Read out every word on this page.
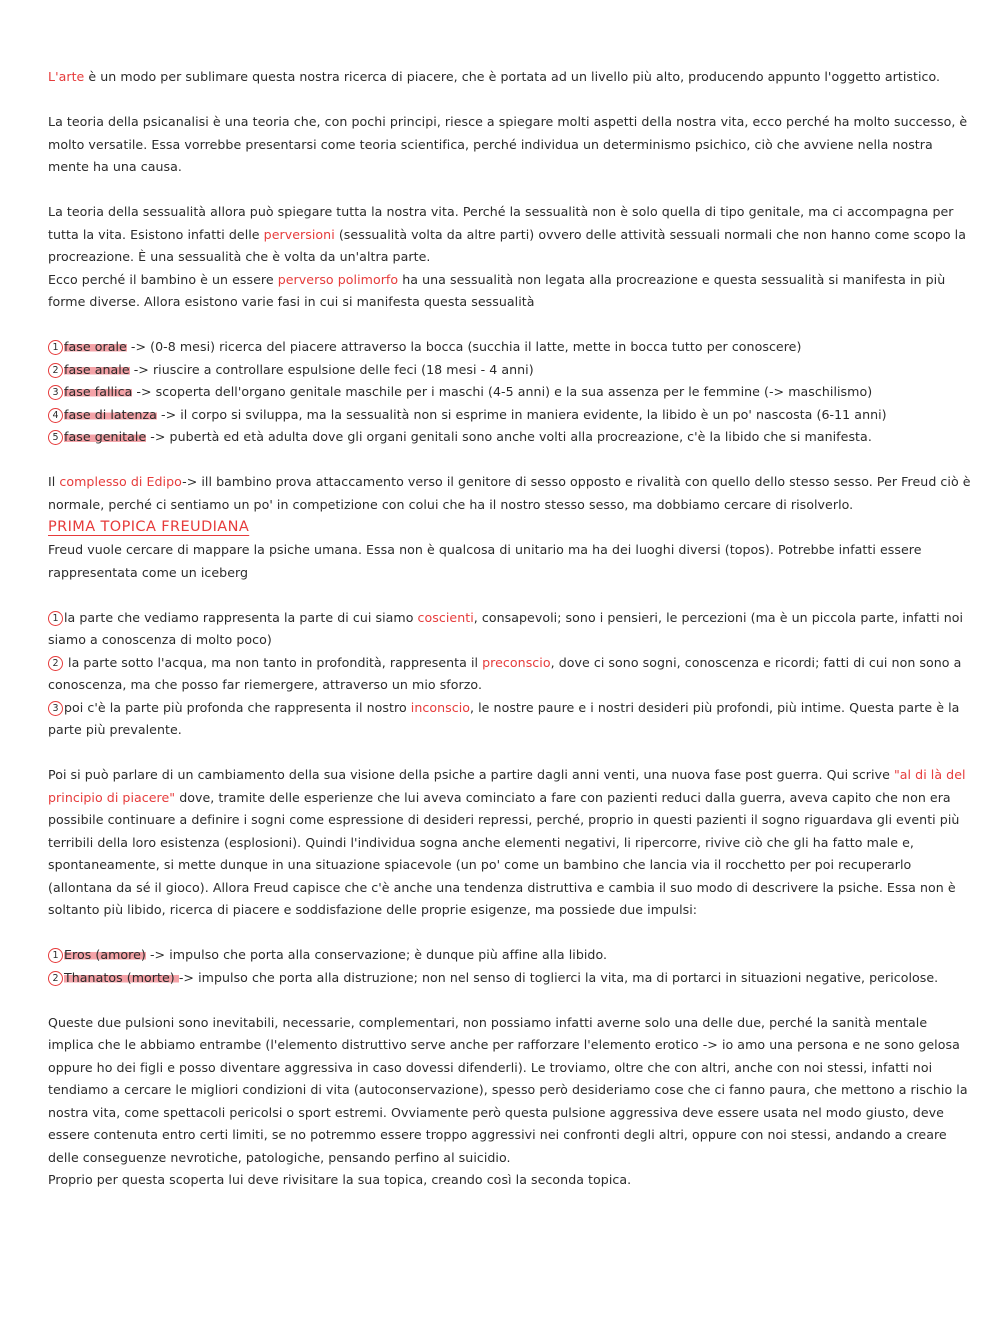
L'arte è un modo per sublimare questa nostra ricerca di piacere, che è portata ad un livello più alto, producendo appunto l'oggetto artistico.

La teoria della psicanalisi è una teoria che, con pochi principi, riesce a spiegare molti aspetti della nostra vita, ecco perché ha molto successo, è molto versatile. Essa vorrebbe presentarsi come teoria scientifica, perché individua un determinismo psichico, ciò che avviene nella nostra mente ha una causa.

La teoria della sessualità allora può spiegare tutta la nostra vita. Perché la sessualità non è solo quella di tipo genitale, ma ci accompagna per tutta la vita. Esistono infatti delle perversioni (sessualità volta da altre parti) ovvero delle attività sessuali normali che non hanno come scopo la procreazione. È una sessualità che è volta da un'altra parte.

Ecco perché il bambino è un essere perverso polimorfo ha una sessualità non legata alla procreazione e questa sessualità si manifesta in più forme diverse. Allora esistono varie fasi in cui si manifesta questa sessualità

1 fase orale -> (0-8 mesi) ricerca del piacere attraverso la bocca (succhia il latte, mette in bocca tutto per conoscere)

2 fase anale -> riuscire a controllare espulsione delle feci (18 mesi - 4 anni)

3 fase fallica -> scoperta dell'organo genitale maschile per i maschi (4-5 anni) e la sua assenza per le femmine (-> maschilismo)

4 fase di latenza -> il corpo si sviluppa, ma la sessualità non si esprime in maniera evidente, la libido è un po' nascosta (6-11 anni)

5 fase genitale -> pubertà ed età adulta dove gli organi genitali sono anche volti alla procreazione, c'è la libido che si manifesta.

Il complesso di Edipo-> ill bambino prova attaccamento verso il genitore di sesso opposto e rivalità con quello dello stesso sesso. Per Freud ciò è normale, perché ci sentiamo un po' in competizione con colui che ha il nostro stesso sesso, ma dobbiamo cercare di risolverlo.

PRIMA TOPICA FREUDIANA

Freud vuole cercare di mappare la psiche umana. Essa non è qualcosa di unitario ma ha dei luoghi diversi (topos). Potrebbe infatti essere rappresentata come un iceberg

1 la parte che vediamo rappresenta la parte di cui siamo coscienti, consapevoli; sono i pensieri, le percezioni (ma è un piccola parte, infatti noi siamo a conoscenza di molto poco)

2 la parte sotto l'acqua, ma non tanto in profondità, rappresenta il preconscio, dove ci sono sogni, conoscenza e ricordi; fatti di cui non sono a conoscenza, ma che posso far riemergere, attraverso un mio sforzo.

3 poi c'è la parte più profonda che rappresenta il nostro inconscio, le nostre paure e i nostri desideri più profondi, più intime. Questa parte è la parte più prevalente.

Poi si può parlare di un cambiamento della sua visione della psiche a partire dagli anni venti, una nuova fase post guerra. Qui scrive "al di là del principio di piacere" dove, tramite delle esperienze che lui aveva cominciato a fare con pazienti reduci dalla guerra, aveva capito che non era possibile continuare a definire i sogni come espressione di desideri repressi, perché, proprio in questi pazienti il sogno riguardava gli eventi più terribili della loro esistenza (esplosioni). Quindi l'individua sogna anche elementi negativi, li ripercorre, rivive ciò che gli ha fatto male e, spontaneamente, si mette dunque in una situazione spiacevole (un po' come un bambino che lancia via il rocchetto per poi recuperarlo (allontana da sé il gioco). Allora Freud capisce che c'è anche una tendenza distruttiva e cambia il suo modo di descrivere la psiche. Essa non è soltanto più libido, ricerca di piacere e soddisfazione delle proprie esigenze, ma possiede due impulsi:

1 Eros (amore) -> impulso che porta alla conservazione; è dunque più affine alla libido.

2 Thanatos (morte) -> impulso che porta alla distruzione; non nel senso di toglierci la vita, ma di portarci in situazioni negative, pericolose.

Queste due pulsioni sono inevitabili, necessarie, complementari, non possiamo infatti averne solo una delle due, perché la sanità mentale implica che le abbiamo entrambe (l'elemento distruttivo serve anche per rafforzare l'elemento erotico -> io amo una persona e ne sono gelosa oppure ho dei figli e posso diventare aggressiva in caso dovessi difenderli). Le troviamo, oltre che con altri, anche con noi stessi, infatti noi tendiamo a cercare le migliori condizioni di vita (autoconservazione), spesso però desideriamo cose che ci fanno paura, che mettono a rischio la nostra vita, come spettacoli pericolsi o sport estremi. Ovviamente però questa pulsione aggressiva deve essere usata nel modo giusto, deve essere contenuta entro certi limiti, se no potremmo essere troppo aggressivi nei confronti degli altri, oppure con noi stessi, andando a creare delle conseguenze nevrotiche, patologiche, pensando perfino al suicidio.

Proprio per questa scoperta lui deve rivisitare la sua topica, creando così la seconda topica.
